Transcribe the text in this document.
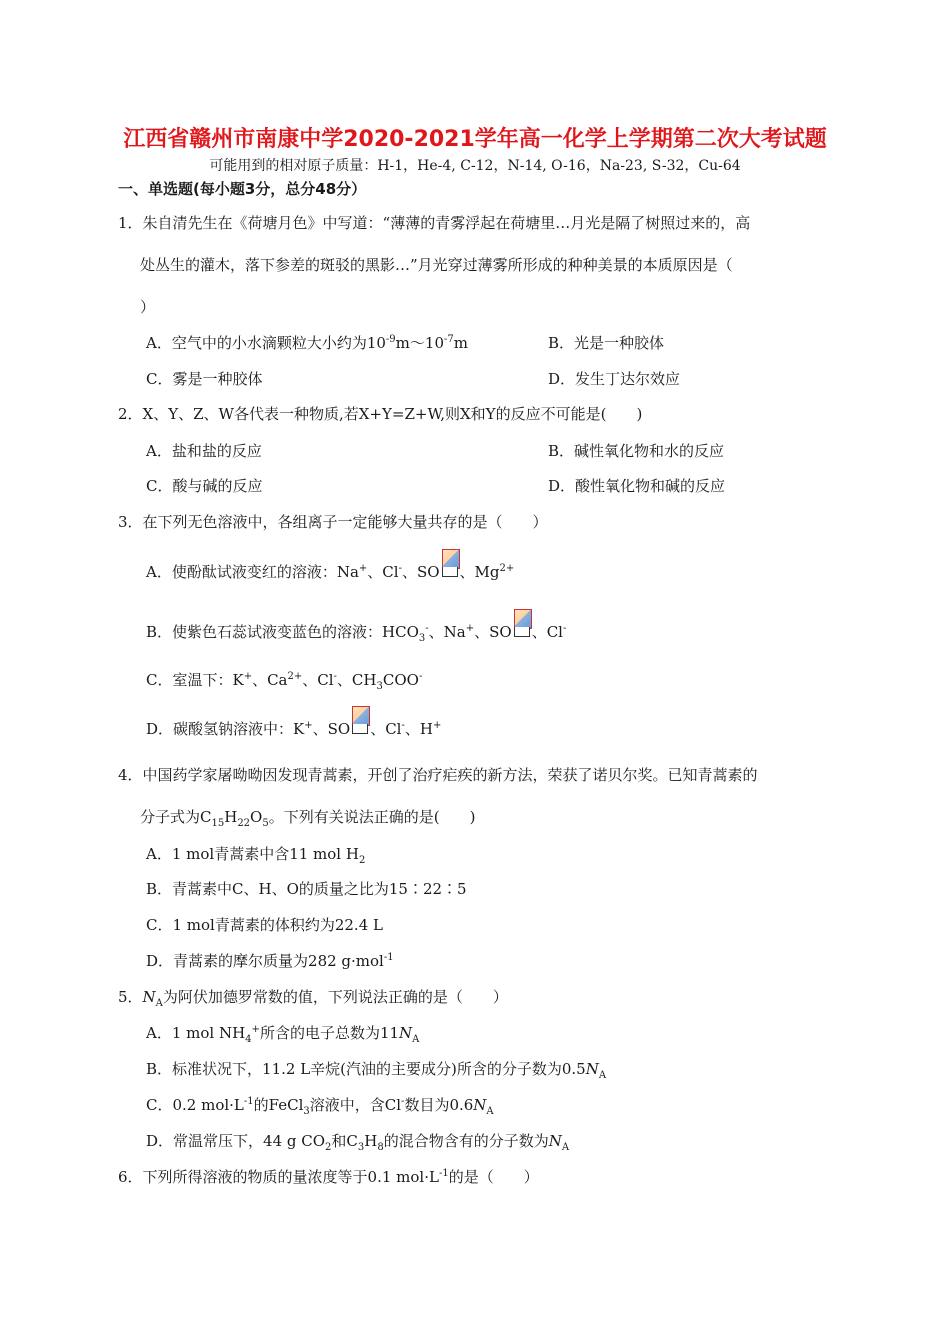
江西省赣州市南康中学2020-2021学年高一化学上学期第二次大考试题
可能用到的相对原子质量：H-1，He-4, C-12，N-14, O-16，Na-23, S-32，Cu-64
一、单选题(每小题3分，总分48分）
1．朱自清先生在《荷塘月色》中写道：“薄薄的青雾浮起在荷塘里…月光是隔了树照过来的，高
处丛生的灌木，落下参差的斑驳的黑影…”月光穿过薄雾所形成的种种美景的本质原因是（
）
A．空气中的小水滴颗粒大小约为$10^{-9}m\sim 10^{-7}m$	B．光是一种胶体
C．雾是一种胶体	D．发生丁达尔效应
2．X、Y、Z、W各代表一种物质,若X+Y=Z+W,则X和Y的反应不可能是(　　)
A．盐和盐的反应	B．碱性氧化物和水的反应
C．酸与碱的反应	D．酸性氧化物和碱的反应
3．在下列无色溶液中，各组离子一定能够大量共存的是（　　）
A．使酚酞试液变红的溶液：Na+、Cl-、SO 、$Mg^{2+}$
B．使紫色石蕊试液变蓝色的溶液：$HCO_3^-$、Na+、SO 、Cl-
C．室温下：K+、$Ca^{2+}$、Cl-、$CH_3COO^-$
D．碳酸氢钠溶液中：K+、SO 、Cl-、H+
4．中国药学家屠呦呦因发现青蒿素，开创了治疗疟疾的新方法，荣获了诺贝尔奖。已知青蒿素的
分子式为$C_{15}H_{22}O_5$。下列有关说法正确的是(　　)
A．1 mol青蒿素中含11 mol $H_2$
B．青蒿素中C、H、O的质量之比为15∶22∶5
C．1 mol青蒿素的体积约为22.4 L
D．青蒿素的摩尔质量为282 g·mol$^{-1}$
5．$N_A$为阿伏加德罗常数的值，下列说法正确的是（　　）
A．1 mol $NH_4^+$所含的电子总数为$11N_A$
B．标准状况下，11.2 L辛烷(汽油的主要成分)所含的分子数为$0.5N_A$
C．0.2 $mol\cdot L^{-1}$的FeCl$_3$溶液中，含Cl-数目为$0.6N_A$
D．常温常压下，44 g $CO_2$和$C_3H_8$的混合物含有的分子数为$N_A$
6．下列所得溶液的物质的量浓度等于0.1 $mol\cdot L^{-1}$的是（　　）
